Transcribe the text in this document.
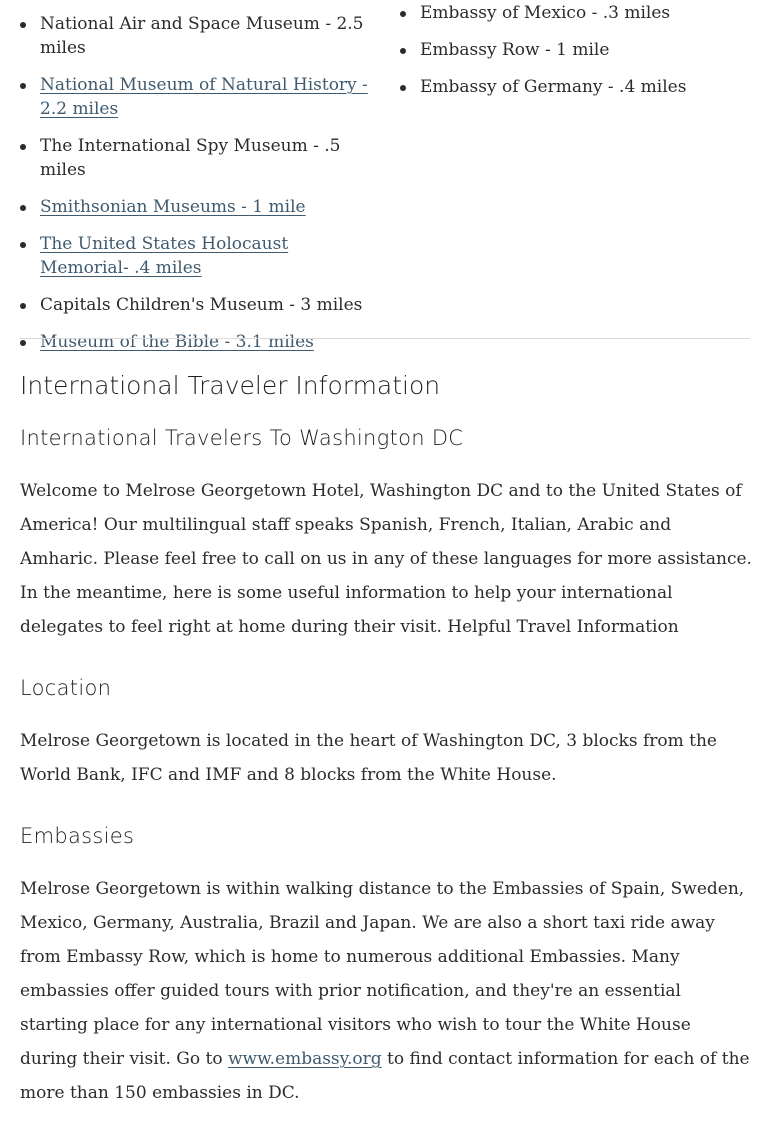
National Air and Space Museum - 2.5 miles
National Museum of Natural History - 2.2 miles
The International Spy Museum - .5 miles
Smithsonian Museums - 1 mile
The United States Holocaust Memorial- .4 miles
Capitals Children's Museum - 3 miles
Museum of the Bible - 3.1 miles
Embassy of Mexico - .3 miles
Embassy Row - 1 mile
Embassy of Germany - .4 miles
International Traveler Information
International Travelers To Washington DC

Welcome to Melrose Georgetown Hotel, Washington DC and to the United States of America! Our multilingual staff speaks Spanish, French, Italian, Arabic and Amharic. Please feel free to call on us in any of these languages for more assistance. In the meantime, here is some useful information to help your international delegates to feel right at home during their visit. Helpful Travel Information

Location

Melrose Georgetown is located in the heart of Washington DC, 3 blocks from the World Bank, IFC and IMF and 8 blocks from the White House.

Embassies

Melrose Georgetown is within walking distance to the Embassies of Spain, Sweden, Mexico, Germany, Australia, Brazil and Japan. We are also a short taxi ride away from Embassy Row, which is home to numerous additional Embassies. Many embassies offer guided tours with prior notification, and they're an essential starting place for any international visitors who wish to tour the White House during their visit. Go to www.embassy.org to find contact information for each of the more than 150 embassies in DC.
